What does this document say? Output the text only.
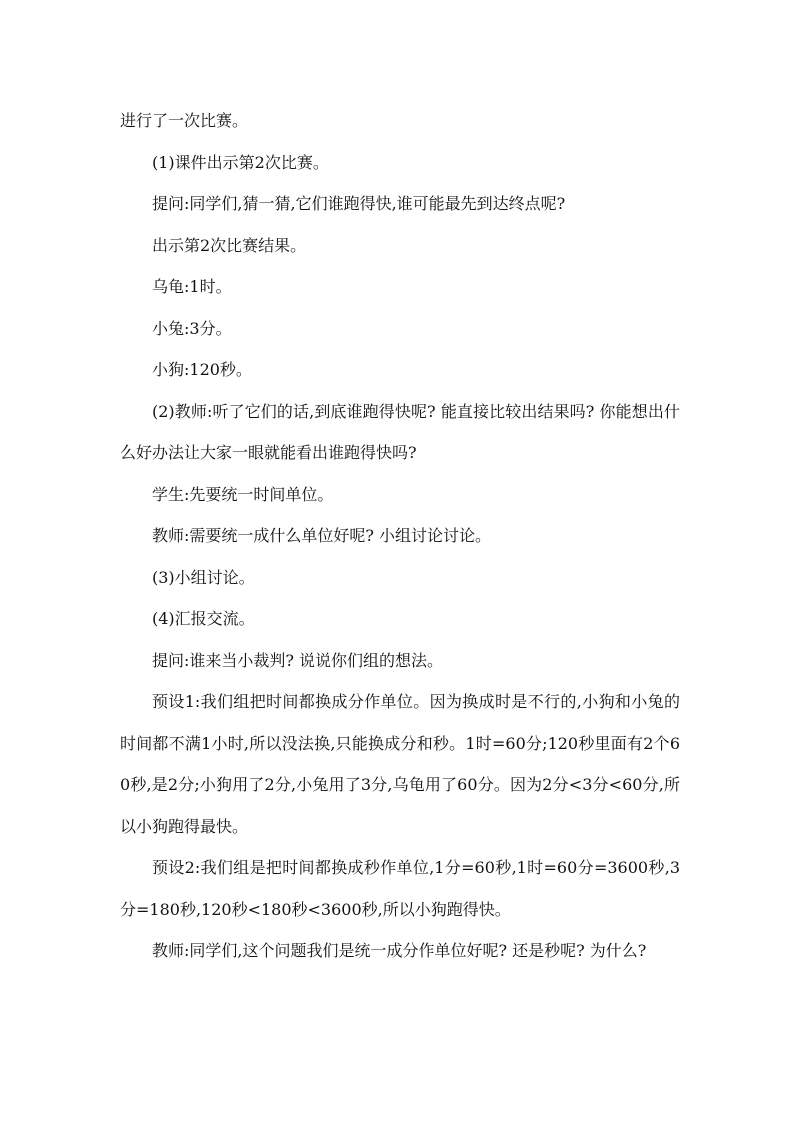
进行了一次比赛。

(1)课件出示第2次比赛。

提问:同学们,猜一猜,它们谁跑得快,谁可能最先到达终点呢?

出示第2次比赛结果。

乌龟:1时。

小兔:3分。

小狗:120秒。

(2)教师:听了它们的话,到底谁跑得快呢? 能直接比较出结果吗? 你能想出什么好办法让大家一眼就能看出谁跑得快吗?

学生:先要统一时间单位。

教师:需要统一成什么单位好呢? 小组讨论讨论。

(3)小组讨论。

(4)汇报交流。

提问:谁来当小裁判? 说说你们组的想法。

预设1:我们组把时间都换成分作单位。因为换成时是不行的,小狗和小兔的时间都不满1小时,所以没法换,只能换成分和秒。1时=60分;120秒里面有2个60秒,是2分;小狗用了2分,小兔用了3分,乌龟用了60分。因为2分<3分<60分,所以小狗跑得最快。

预设2:我们组是把时间都换成秒作单位,1分=60秒,1时=60分=3600秒,3分=180秒,120秒<180秒<3600秒,所以小狗跑得快。

教师:同学们,这个问题我们是统一成分作单位好呢? 还是秒呢? 为什么?
